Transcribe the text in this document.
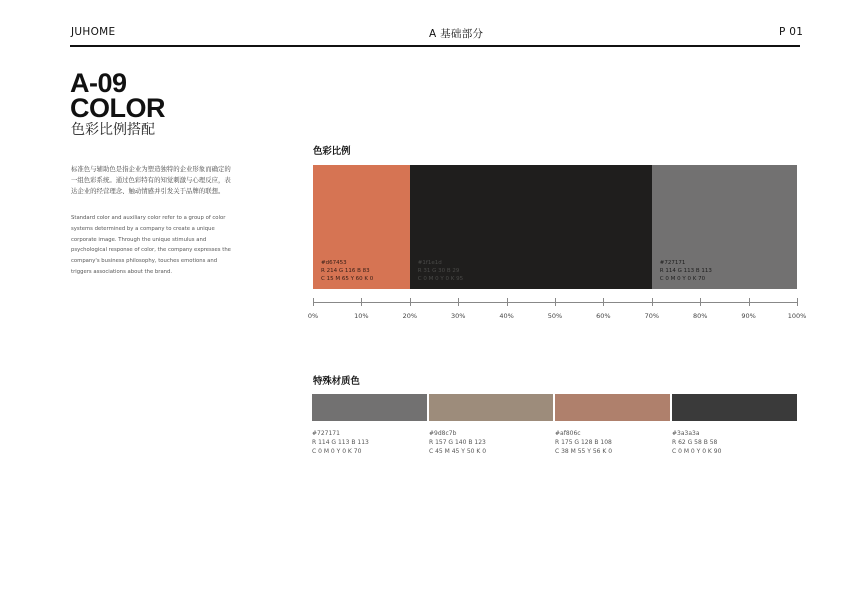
JUHOME	A 基础部分	P 01
A-09
COLOR
色彩比例搭配
标准色与辅助色是指企业为塑造独特的企业形象而确定的一组色彩系统。通过色彩特有的知觉刺激与心理反应，表达企业的经营理念、触动情感并引发关于品牌的联想。
Standard color and auxiliary color refer to a group of color systems determined by a company to create a unique corporate image. Through the unique stimulus and psychological response of color, the company expresses the company's business philosophy, touches emotions and triggers associations about the brand.
色彩比例
#d67453
R 214 G 116 B 83
C 15 M 65 Y 60 K 0
#1f1e1d
R 31 G 30 B 29
C 0 M 0 Y 0 K 95
#727171
R 114 G 113 B 113
C 0 M 0 Y 0 K 70
0%	10%	20%	30%	40%	50%	60%	70%	80%	90%	100%
特殊材质色
#727171
R 114 G 113 B 113
C 0 M 0 Y 0 K 70
#9d8c7b
R 157 G 140 B 123
C 45 M 45 Y 50 K 0
#af806c
R 175 G 128 B 108
C 38 M 55 Y 56 K 0
#3a3a3a
R 62 G 58 B 58
C 0 M 0 Y 0 K 90
